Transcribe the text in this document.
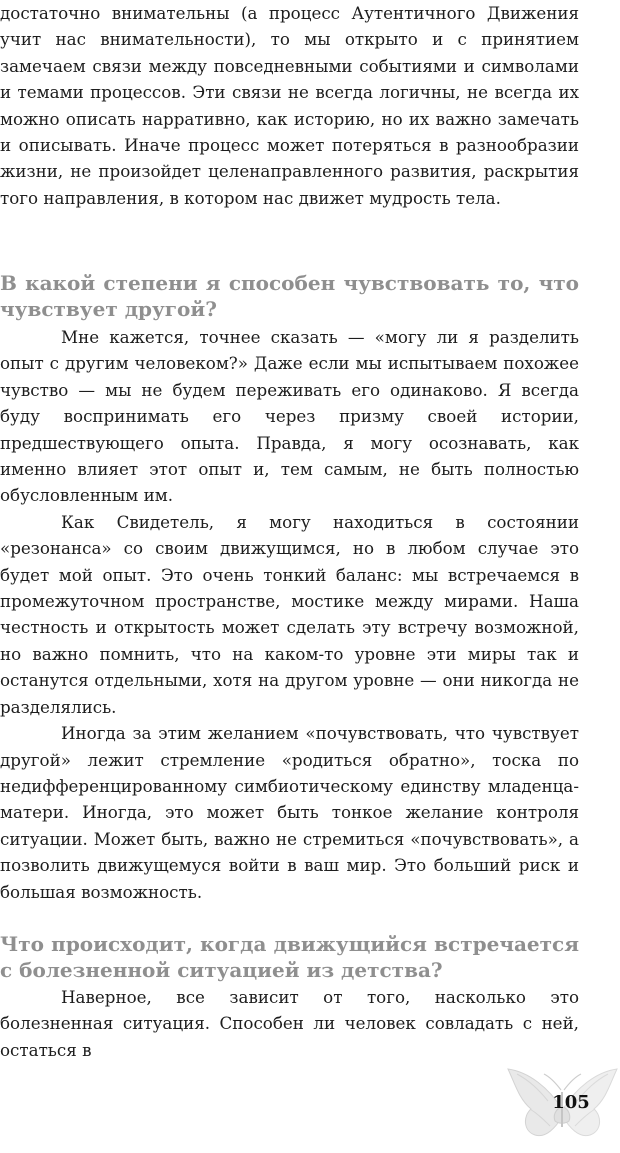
достаточно внимательны (а процесс Аутентичного Движения учит нас внимательности), то мы открыто и с принятием замечаем связи между повседневными событиями и символами и темами процессов. Эти связи не всегда логичны, не всегда их можно описать нарративно, как историю, но их важно замечать и описывать. Иначе процесс может потеряться в разнообразии жизни, не произойдет целенаправленного развития, раскрытия того направления, в котором нас движет мудрость тела.

В какой степени я способен чувствовать то, что чувствует другой?

Мне кажется, точнее сказать — «могу ли я разделить опыт с другим человеком?» Даже если мы испытываем похожее чувство — мы не будем переживать его одинаково. Я всегда буду воспринимать его через призму своей истории, предшествующего опыта. Правда, я могу осознавать, как именно влияет этот опыт и, тем самым, не быть полностью обусловленным им.

Как Свидетель, я могу находиться в состоянии «резонанса» со своим движущимся, но в любом случае это будет мой опыт. Это очень тонкий баланс: мы встречаемся в промежуточном пространстве, мостике между мирами. Наша честность и открытость может сделать эту встречу возможной, но важно помнить, что на каком-то уровне эти миры так и останутся отдельными, хотя на другом уровне — они никогда не разделялись.

Иногда за этим желанием «почувствовать, что чувствует другой» лежит стремление «родиться обратно», тоска по недифференцированному симбиотическому единству младенца-матери. Иногда, это может быть тонкое желание контроля ситуации. Может быть, важно не стремиться «почувствовать», а позволить движущемуся войти в ваш мир. Это больший риск и большая возможность.

Что происходит, когда движущийся встречается с болезненной ситуацией из детства?

Наверное, все зависит от того, насколько это болезненная ситуация. Способен ли человек совладать с ней, остаться в

105
